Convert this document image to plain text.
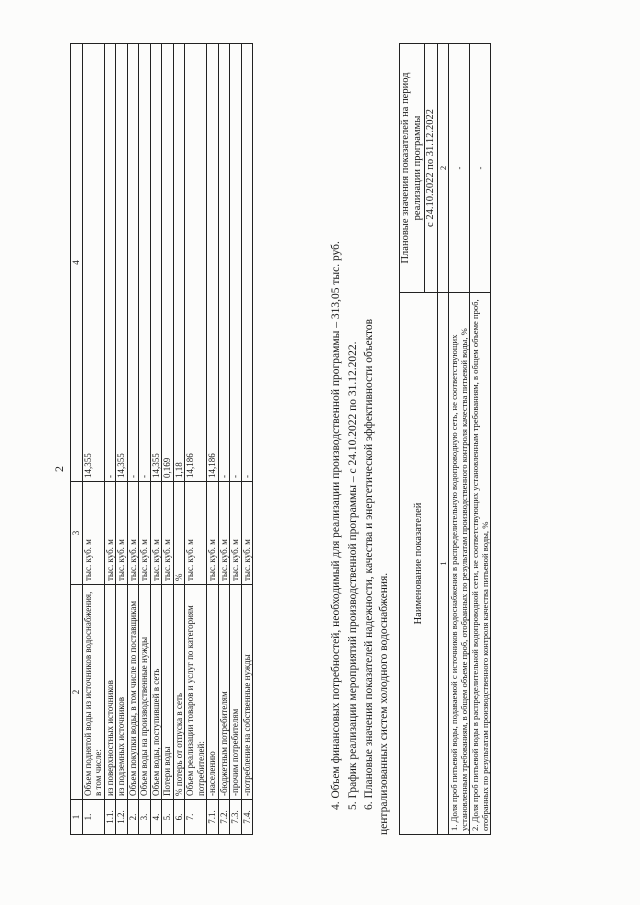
2
1	2	3	4
1.	Объем поднятой воды из источников водоснабжения, в том числе:	тыс. куб. м	14,355
1.1.	из поверхностных источников	тыс. куб. м	-
1.2.	из подземных источников	тыс. куб. м	14,355
2.	Объем покупки воды, в том числе по поставщикам	тыс. куб. м	-
3.	Объем воды на производственные нужды	тыс. куб. м	-
4.	Объем воды, поступившей в сеть	тыс. куб. м	14,355
5.	Потери воды	тыс. куб. м	0,169
6.	% потерь от отпуска в сеть	%	1,18
7.	Объем реализации товаров и услуг по категориям потребителей:	тыс. куб. м	14,186
7.1.	-населению	тыс. куб. м	14,186
7.2.	-бюджетным потребителям	тыс. куб. м	-
7.3.	-прочим потребителям	тыс. куб. м	-
7.4.	-потребление на собственные нужды	тыс. куб. м	-	4. Объем финансовых потребностей, необходимый для реализации производственной программы – 313,05 тыс. руб. 5. График реализации мероприятий производственной программы – с 24.10.2022 по 31.12.2022. 6. Плановые значения показателей надежности, качества и энергетической эффективности объектов централизованных систем холодного водоснабжения.
Наименование показателей	Плановые значения показателей на период реализации программы

	с 24.10.2022 по 31.12.2022
1	2
1. Доля проб питьевой воды, подаваемой с источников водоснабжения в распределительную водопроводную сеть, не соответствующих установленным требованиям, в общем объеме проб, отобранных по результатам производственного контроля качества питьевой воды, %	-
2. Доля проб питьевой воды в распределительной водопроводной сети, не соответствующих установленным требованиям, в общем объеме проб, отобранных по результатам производственного контроля качества питьевой воды, %	-
